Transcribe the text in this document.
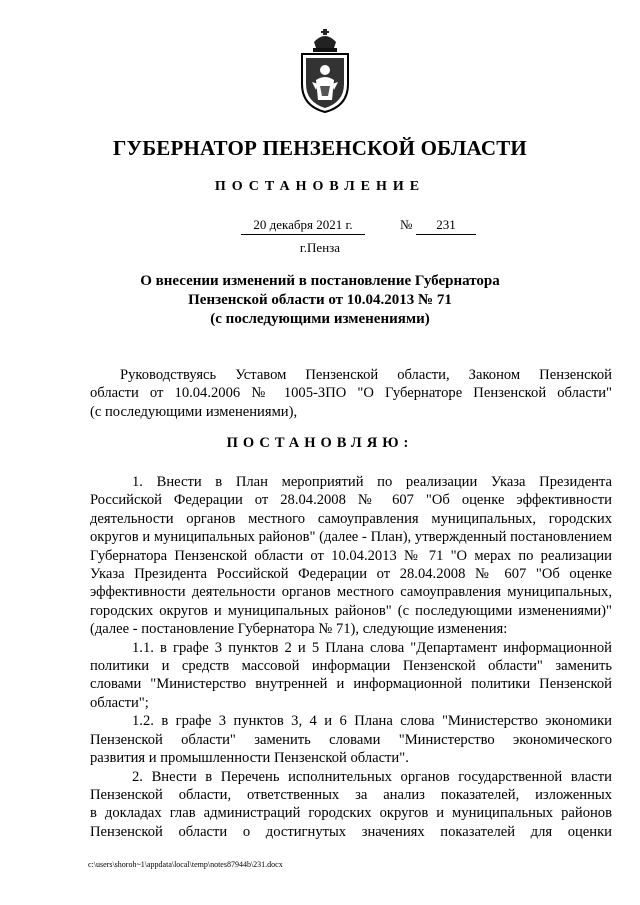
ГУБЕРНАТОР ПЕНЗЕНСКОЙ ОБЛАСТИ
ПОСТАНОВЛЕНИЕ
20 декабря 2021 г.	№	231
г.Пенза
О внесении изменений в постановление Губернатора
Пензенской области от 10.04.2013 № 71
(с последующими изменениями)
Руководствуясь Уставом Пензенской области, Законом Пензенской
области от 10.04.2006 № 1005-ЗПО "О Губернаторе Пензенской области"
(с последующими изменениями),
ПОСТАНОВЛЯЮ:
1. Внести в План мероприятий по реализации Указа Президента
Российской Федерации от 28.04.2008 № 607 "Об оценке эффективности
деятельности органов местного самоуправления муниципальных, городских
округов и муниципальных районов" (далее - План), утвержденный постановлением
Губернатора Пензенской области от 10.04.2013 № 71 "О мерах по реализации
Указа Президента Российской Федерации от 28.04.2008 № 607 "Об оценке
эффективности деятельности органов местного самоуправления муниципальных,
городских округов и муниципальных районов" (с последующими изменениями)"
(далее - постановление Губернатора № 71), следующие изменения:
1.1. в графе 3 пунктов 2 и 5 Плана слова "Департамент информационной
политики и средств массовой информации Пензенской области" заменить
словами "Министерство внутренней и информационной политики Пензенской
области";
1.2. в графе 3 пунктов 3, 4 и 6 Плана слова "Министерство экономики
Пензенской области" заменить словами "Министерство экономического
развития и промышленности Пензенской области".
2. Внести в Перечень исполнительных органов государственной власти
Пензенской области, ответственных за анализ показателей, изложенных
в докладах глав администраций городских округов и муниципальных районов
Пензенской области о достигнутых значениях показателей для оценки
c:\users\shoroh~1\appdata\local\temp\notes87944b\231.docx
